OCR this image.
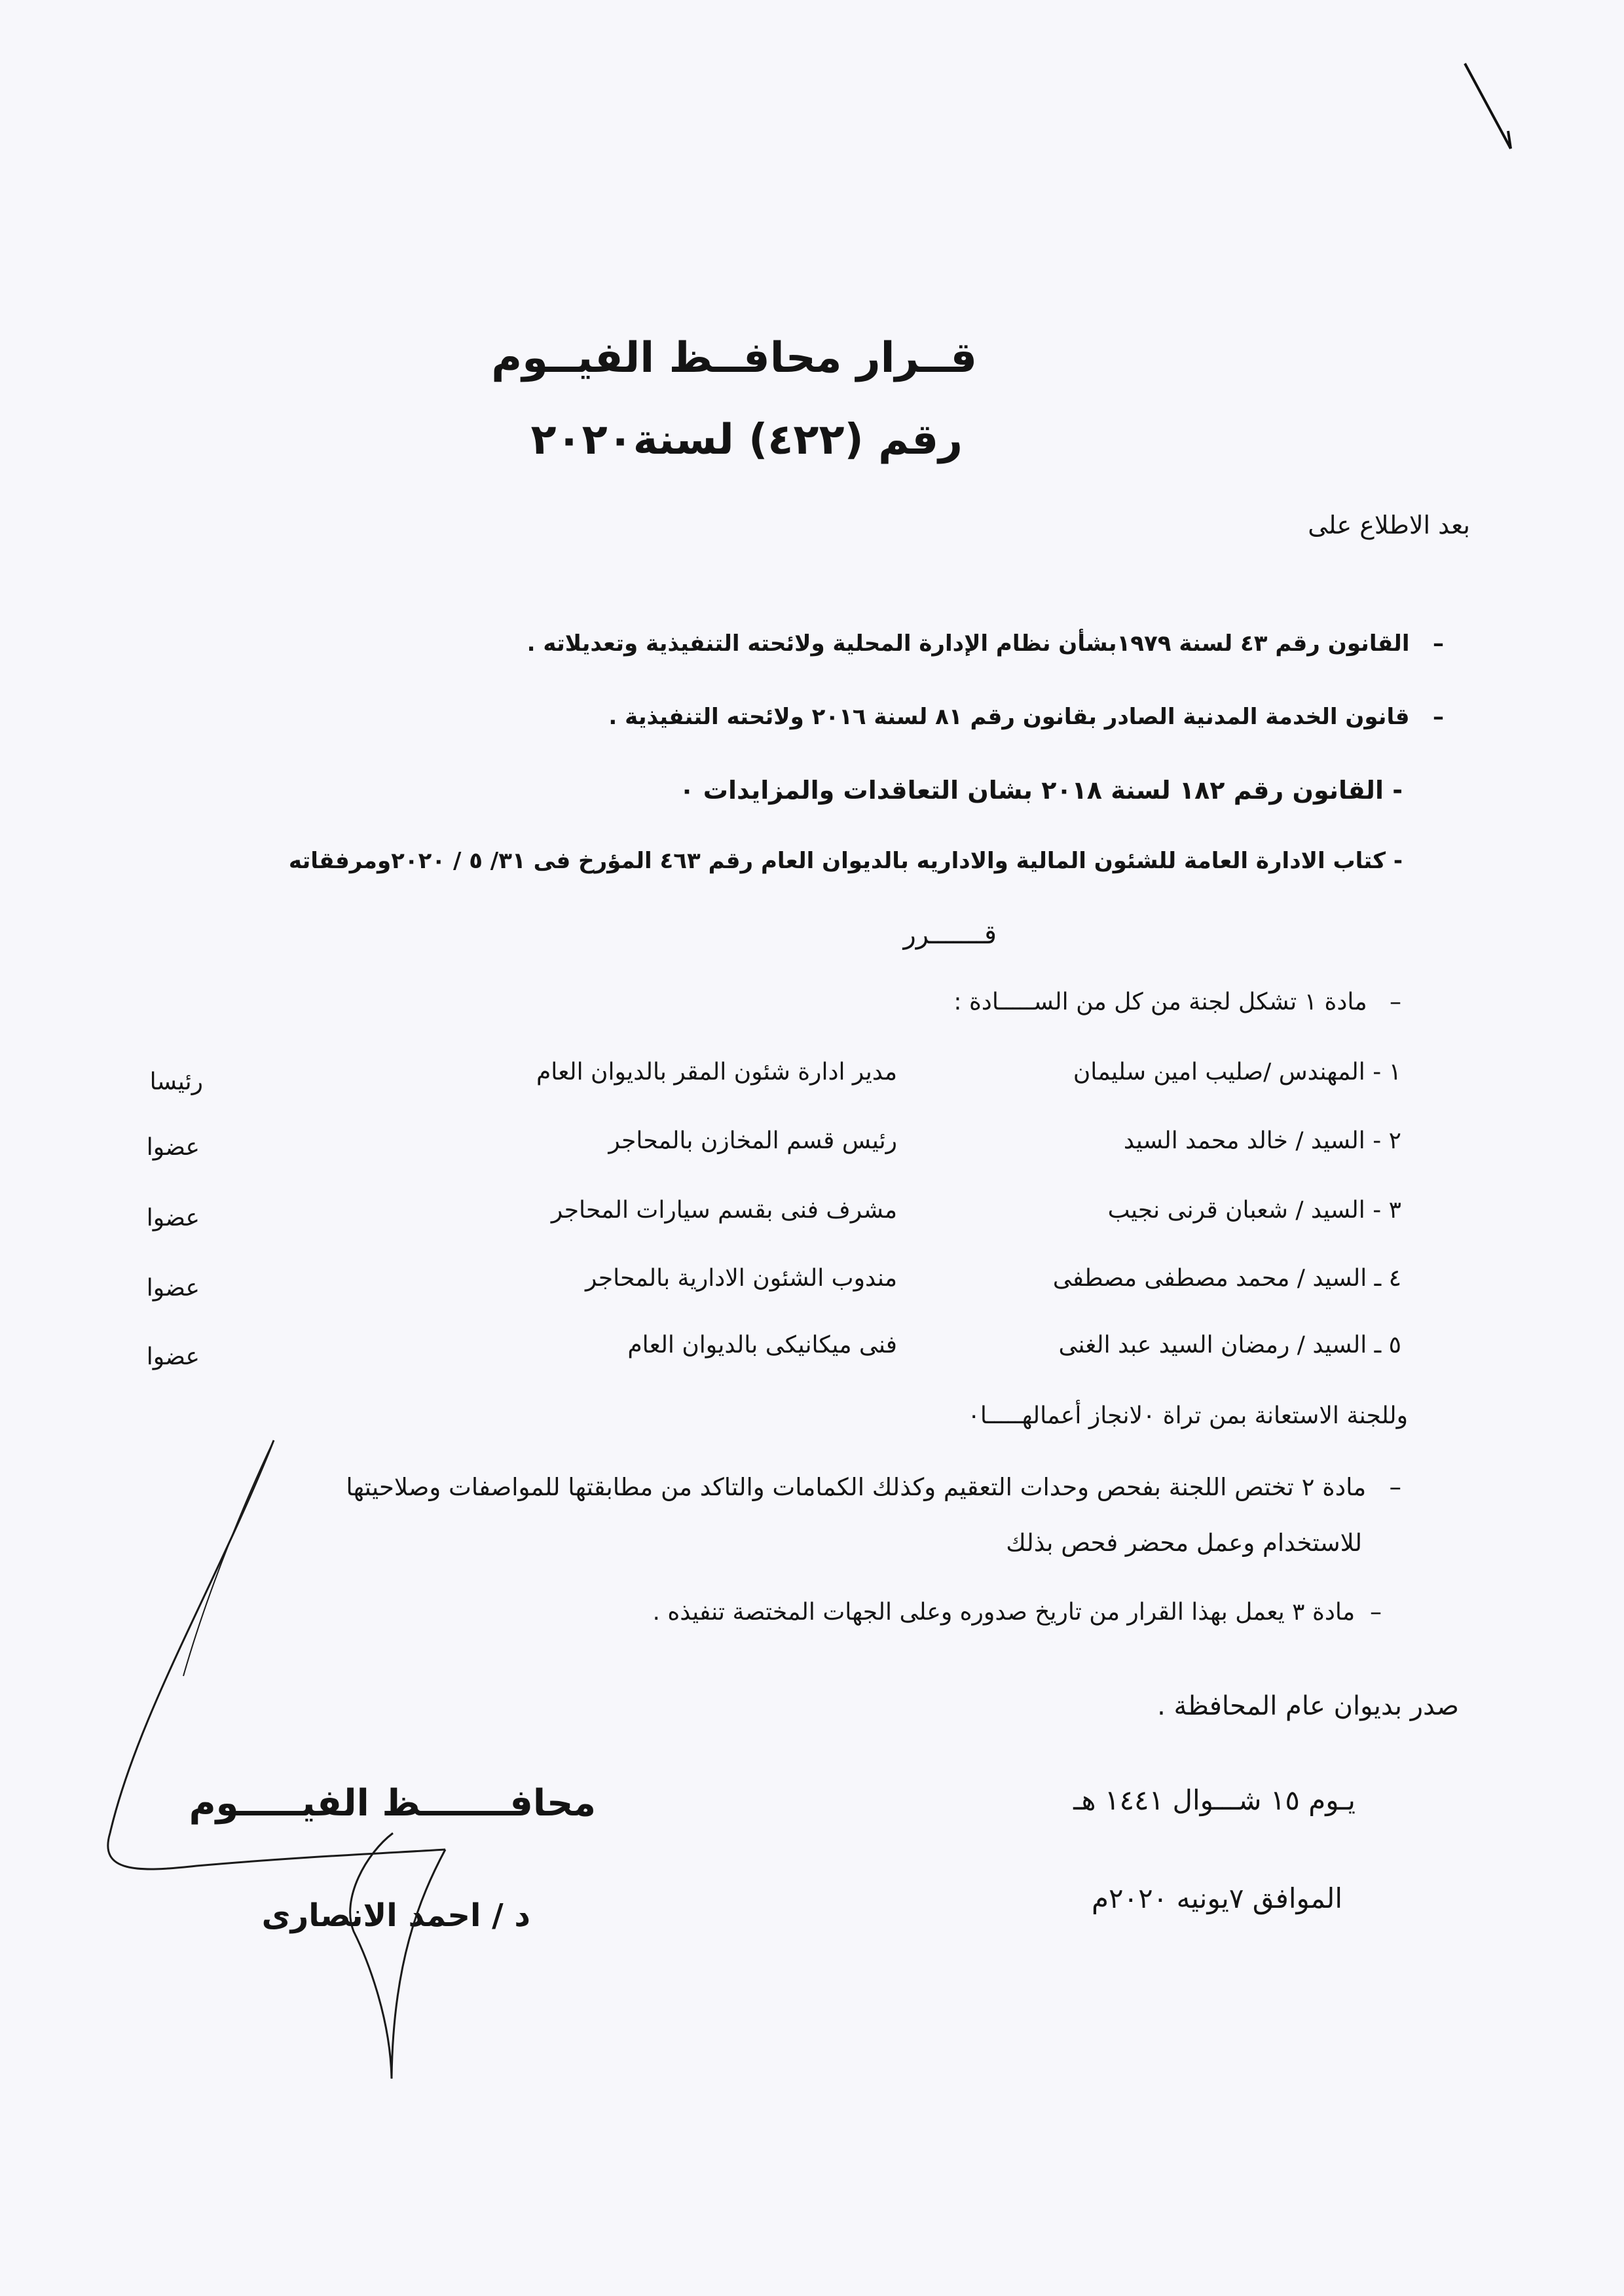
قــرار محافــظ الفيــوم
رقم (٤٢٢) لسنة٢٠٢٠
بعد الاطلاع على
–   القانون رقم ٤٣ لسنة ١٩٧٩بشأن نظام الإدارة المحلية ولائحته التنفيذية وتعديلاته .
–   قانون الخدمة المدنية الصادر بقانون رقم ٨١ لسنة ٢٠١٦ ولائحته التنفيذية .
- القانون رقم ١٨٢ لسنة ٢٠١٨ بشان التعاقدات والمزايدات ٠
- كتاب الادارة العامة للشئون المالية والاداريه بالديوان العام رقم ٤٦٣ المؤرخ فى ٣١/ ٥ / ٢٠٢٠ومرفقاته
قـــــــرر
–   مادة ١ تشكل لجنة من كل من الســـــادة :
١ - المهندس /صليب امين سليمان
مدير ادارة شئون المقر بالديوان العام
رئيسا
٢ - السيد / خالد محمد السيد
رئيس قسم المخازن بالمحاجر
عضوا
٣ - السيد / شعبان قرنى نجيب
مشرف فنى بقسم سيارات المحاجر
عضوا
٤ ـ السيد / محمد مصطفى مصطفى
مندوب الشئون الادارية بالمحاجر
عضوا
٥ ـ السيد / رمضان السيد عبد الغنى
فنى ميكانيكى بالديوان العام
عضوا
وللجنة الاستعانة بمن تراة ٠لانجاز أعمالهـــــا٠
–   مادة ٢ تختص اللجنة بفحص وحدات التعقيم وكذلك الكمامات والتاكد من مطابقتها للمواصفات وصلاحيتها
للاستخدام وعمل محضر فحص بذلك
–  مادة ٣ يعمل بهذا القرار من تاريخ صدوره وعلى الجهات المختصة تنفيذه .
صدر بديوان عام المحافظة .
يـوم ١٥ شـــوال ١٤٤١ هـ
الموافق ٧يونيه ٢٠٢٠م
محافـــــــظ الفيـــــوم
د / احمد الانصارى
